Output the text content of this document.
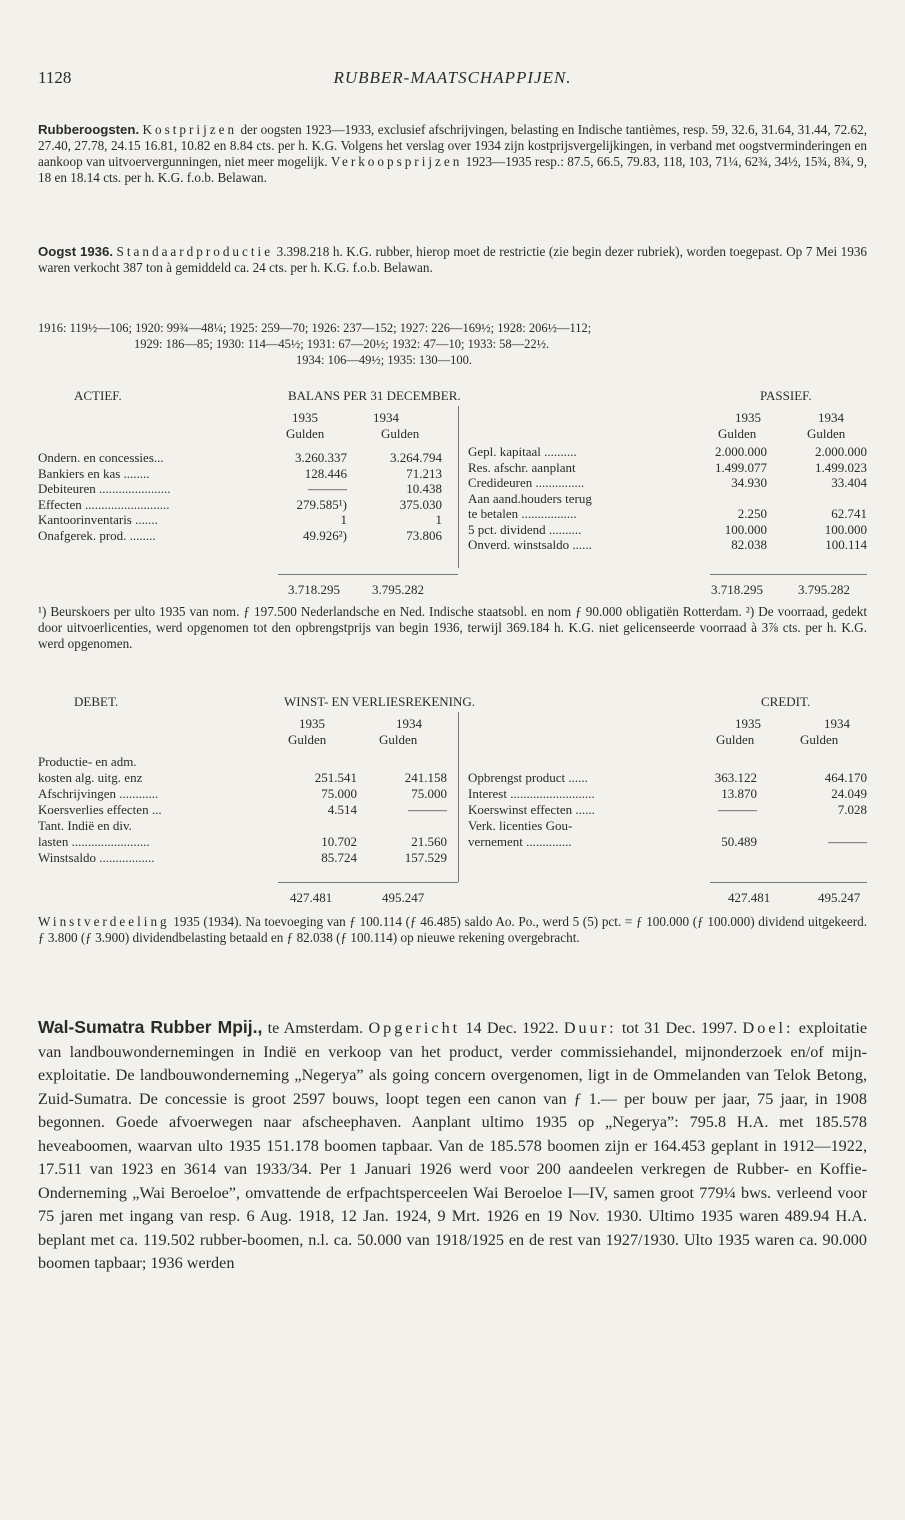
1128	RUBBER-MAATSCHAPPIJEN.

Rubberoogsten. Kostprijzen der oogsten 1923—1933, exclusief afschrijvingen, belasting en Indische tantièmes, resp. 59, 32.6, 31.64, 31.44, 72.62, 27.40, 27.78, 24.15 16.81, 10.82 en 8.84 cts. per h. K.G. Volgens het verslag over 1934 zijn kostprijsvergelijkingen, in verband met oogstverminderingen en aankoop van uitvoervergunningen, niet meer mogelijk. Verkoopsprijzen 1923—1935 resp.: 87.5, 66.5, 79.83, 118, 103, 71¼, 62¾, 34½, 15¾, 8¾, 9, 18 en 18.14 cts. per h. K.G. f.o.b. Belawan.

Oogst 1936. Standaardproductie 3.398.218 h. K.G. rubber, hierop moet de restrictie (zie begin dezer rubriek), worden toegepast. Op 7 Mei 1936 waren verkocht 387 ton à gemiddeld ca. 24 cts. per h. K.G. f.o.b. Belawan.

1916: 119½—106; 1920: 99¾—48¼; 1925: 259—70; 1926: 237—152; 1927: 226—169½; 1928: 206½—112;
1929: 186—85; 1930: 114—45½; 1931: 67—20½; 1932: 47—10; 1933: 58—22½.
1934: 106—49½; 1935: 130—100.
ACTIEF.	BALANS PER 31 DECEMBER.	PASSIEF.
1935	1934	1935	1934
Gulden	Gulden	Gulden	Gulden
Ondern. en concessies...	3.260.337	3.264.794
Bankiers en kas ........	128.446	71.213
Debiteuren ......................	———	10.438
Effecten ..........................	279.585¹)	375.030
Kantoorinventaris .......	1	1
Onafgerek. prod. ........	49.926²)	73.806
Gepl. kapitaal ..........	2.000.000	2.000.000
Res. afschr. aanplant	1.499.077	1.499.023
Credideuren ...............	34.930	33.404
Aan aand.houders terug
te betalen .................	2.250	62.741
5 pct. dividend ..........	100.000	100.000
Onverd. winstsaldo ......	82.038	100.114
3.718.295 3.795.282	3.718.295	3.795.282

¹) Beurskoers per ulto 1935 van nom. ƒ 197.500 Nederlandsche en Ned. Indische staatsobl. en nom ƒ 90.000 obligatiën Rotterdam. ²) De voorraad, gedekt door uitvoerlicenties, werd opgenomen tot den opbrengstprijs van begin 1936, terwijl 369.184 h. K.G. niet gelicenseerde voorraad à 3⅞ cts. per h. K.G. werd opgenomen.

DEBET.	WINST- EN VERLIESREKENING.	CREDIT.
1935	1934	1935	1934
Gulden	Gulden	Gulden	Gulden
Productie- en adm.
kosten alg. uitg. enz	251.541	241.158
Afschrijvingen ............	75.000	75.000
Koersverlies effecten ...	4.514	———
Tant. Indië en div.
lasten ........................	10.702	21.560
Winstsaldo .................	85.724	157.529
Opbrengst product ......	363.122	464.170
Interest ..........................	13.870	24.049
Koerswinst effecten ......	———	7.028
Verk. licenties Gou-
vernement ..............	50.489	———
427.481	495.247	427.481	495.247

Winstverdeeling 1935 (1934). Na toevoeging van ƒ 100.114 (ƒ 46.485) saldo Ao. Po., werd 5 (5) pct. = ƒ 100.000 (ƒ 100.000) dividend uitgekeerd. ƒ 3.800 (ƒ 3.900) dividendbelasting betaald en ƒ 82.038 (ƒ 100.114) op nieuwe rekening overgebracht.

Wal-Sumatra Rubber Mpij., te Amsterdam. Opgericht 14 Dec. 1922. Duur: tot 31 Dec. 1997. Doel: exploitatie van landbouwondernemingen in Indië en verkoop van het product, verder commissiehandel, mijnonderzoek en/of mijn-exploitatie. De landbouwonderneming „Negerya” als going concern overgenomen, ligt in de Ommelanden van Telok Betong, Zuid-Sumatra. De concessie is groot 2597 bouws, loopt tegen een canon van ƒ 1.— per bouw per jaar, 75 jaar, in 1908 begonnen. Goede afvoerwegen naar afscheephaven. Aanplant ultimo 1935 op „Negerya”: 795.8 H.A. met 185.578 heveaboomen, waarvan ulto 1935 151.178 boomen tapbaar. Van de 185.578 boomen zijn er 164.453 geplant in 1912—1922, 17.511 van 1923 en 3614 van 1933/34. Per 1 Januari 1926 werd voor 200 aandeelen verkregen de Rubber- en Koffie-Onderneming „Wai Beroeloe”, omvattende de erfpachtsperceelen Wai Beroeloe I—IV, samen groot 779¼ bws. verleend voor 75 jaren met ingang van resp. 6 Aug. 1918, 12 Jan. 1924, 9 Mrt. 1926 en 19 Nov. 1930. Ultimo 1935 waren 489.94 H.A. beplant met ca. 119.502 rubber-boomen, n.l. ca. 50.000 van 1918/1925 en de rest van 1927/1930. Ulto 1935 waren ca. 90.000 boomen tapbaar; 1936 werden
